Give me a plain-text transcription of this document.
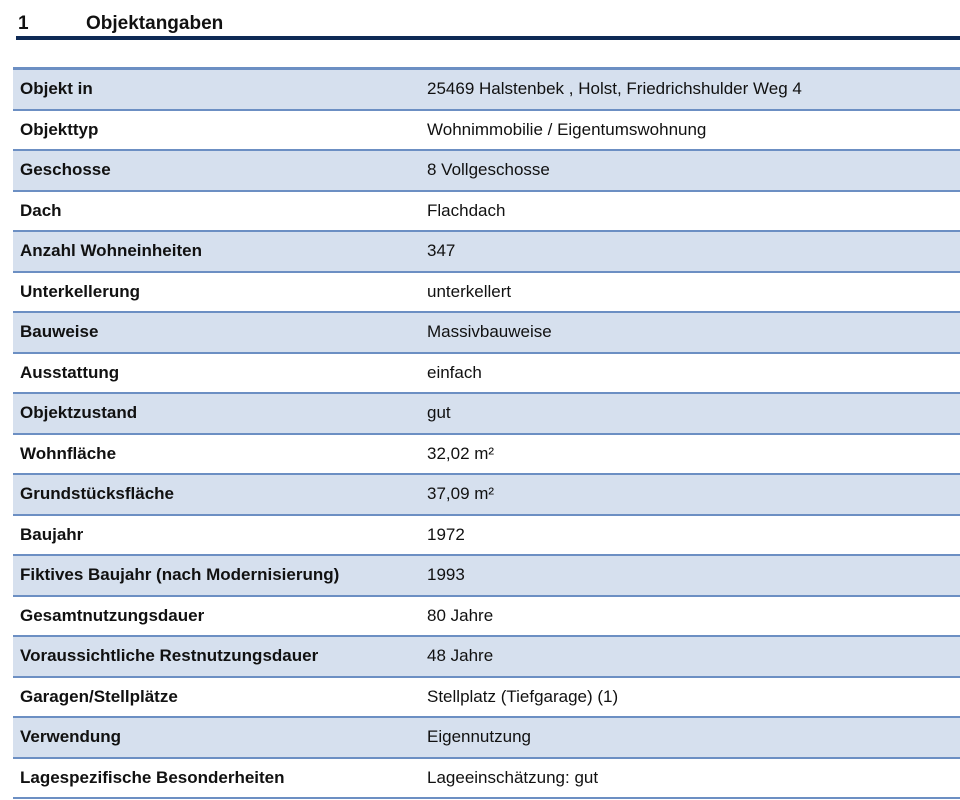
1	Objektangaben
Objekt in	25469 Halstenbek , Holst, Friedrichshulder Weg 4
Objekttyp	Wohnimmobilie / Eigentumswohnung
Geschosse	8 Vollgeschosse
Dach	Flachdach
Anzahl Wohneinheiten	347
Unterkellerung	unterkellert
Bauweise	Massivbauweise
Ausstattung	einfach
Objektzustand	gut
Wohnfläche	32,02 m²
Grundstücksfläche	37,09 m²
Baujahr	1972
Fiktives Baujahr (nach Modernisierung)	1993
Gesamtnutzungsdauer	80 Jahre
Voraussichtliche Restnutzungsdauer	48 Jahre
Garagen/Stellplätze	Stellplatz (Tiefgarage) (1)
Verwendung	Eigennutzung
Lagespezifische Besonderheiten	Lageeinschätzung: gut
